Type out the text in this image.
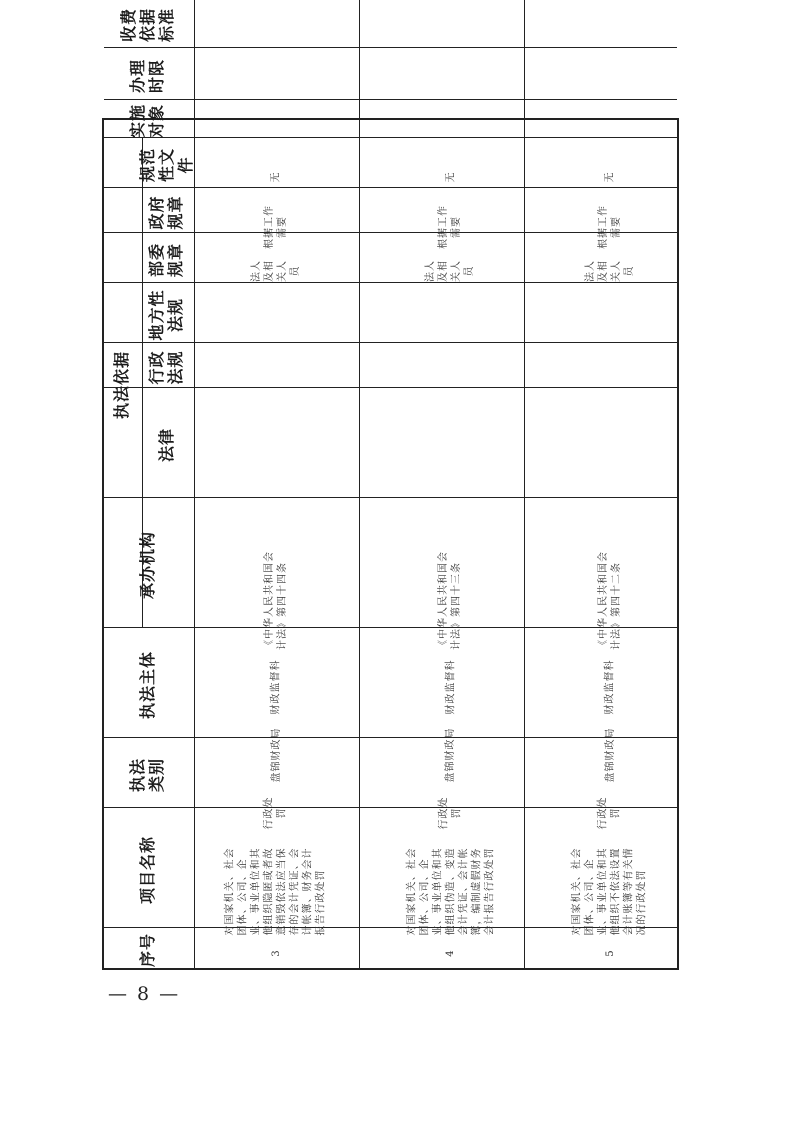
序号
项目名称
执法类别
执法主体
承办机构
执法依据
法律
行政法规
地方性法规
部委规章
政府规章
规范性文件
实施对象
办理时限
收费依据标准
3
对国家机关、社会团体、公司、企业、事业单位和其他组织隐匿或者故意销毁依法应当保存的会计凭证、会计帐簿、财务会计报告行政处罚
行政处罚
盘锦财政局
财政监督科
《中华人民共和国会计法》第四十四条
法人及相关人员
根据工作需要
无
4
对国家机关、社会团体、公司、企业、事业单位和其他组织伪造、变造会计凭证、会计帐簿，编制虚假财务会计报告行政处罚
行政处罚
盘锦财政局
财政监督科
《中华人民共和国会计法》第四十三条
法人及相关人员
根据工作需要
无
5
对国家机关、社会团体、公司、企业、事业单位和其他组织不依法设置会计账簿等有关情况的行政处罚
行政处罚
盘锦财政局
财政监督科
《中华人民共和国会计法》第四十二条
法人及相关人员
根据工作需要
无
— 8 —
